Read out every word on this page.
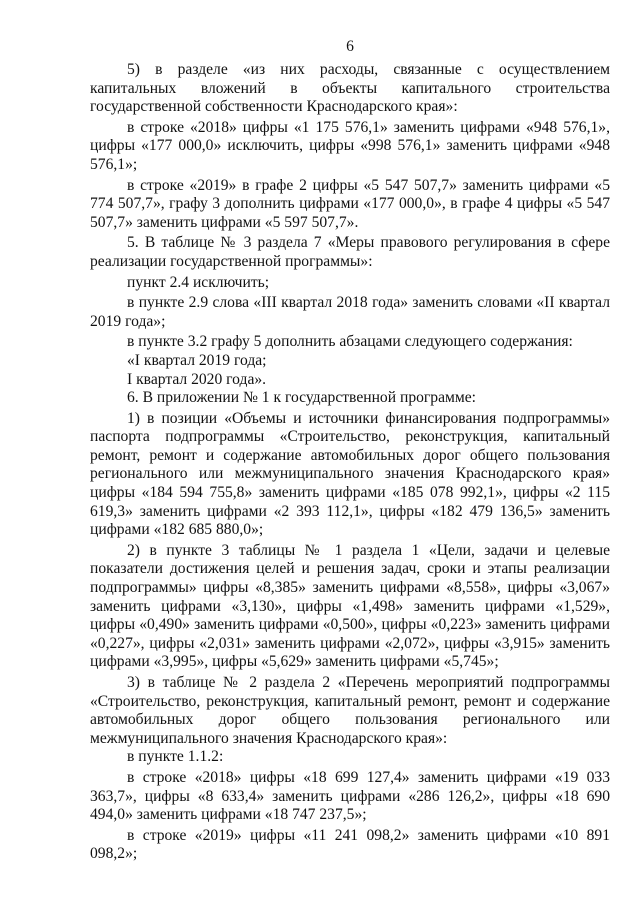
6

5) в разделе «из них расходы, связанные с осуществлением капитальных вложений в объекты капитального строительства государственной собственности Краснодарского края»:

в строке «2018» цифры «1 175 576,1» заменить цифрами «948 576,1», цифры «177 000,0» исключить, цифры «998 576,1» заменить цифрами «948 576,1»;

в строке «2019» в графе 2 цифры «5 547 507,7» заменить цифрами «5 774 507,7», графу 3 дополнить цифрами «177 000,0», в графе 4 цифры «5 547 507,7» заменить цифрами «5 597 507,7».

5. В таблице № 3 раздела 7 «Меры правового регулирования в сфере реализации государственной программы»:

пункт 2.4 исключить;

в пункте 2.9 слова «III квартал 2018 года» заменить словами «II квартал 2019 года»;

в пункте 3.2 графу 5 дополнить абзацами следующего содержания:

«I квартал 2019 года;

I квартал 2020 года».

6. В приложении № 1 к государственной программе:

1) в позиции «Объемы и источники финансирования подпрограммы» паспорта подпрограммы «Строительство, реконструкция, капитальный ремонт, ремонт и содержание автомобильных дорог общего пользования регионального или межмуниципального значения Краснодарского края» цифры «184 594 755,8» заменить цифрами «185 078 992,1», цифры «2 115 619,3» заменить цифрами «2 393 112,1», цифры «182 479 136,5» заменить цифрами «182 685 880,0»;

2) в пункте 3 таблицы № 1 раздела 1 «Цели, задачи и целевые показатели достижения целей и решения задач, сроки и этапы реализации подпрограммы» цифры «8,385» заменить цифрами «8,558», цифры «3,067» заменить цифрами «3,130», цифры «1,498» заменить цифрами «1,529», цифры «0,490» заменить цифрами «0,500», цифры «0,223» заменить цифрами «0,227», цифры «2,031» заменить цифрами «2,072», цифры «3,915» заменить цифрами «3,995», цифры «5,629» заменить цифрами «5,745»;

3) в таблице № 2 раздела 2 «Перечень мероприятий подпрограммы «Строительство, реконструкция, капитальный ремонт, ремонт и содержание автомобильных дорог общего пользования регионального или межмуниципального значения Краснодарского края»:

в пункте 1.1.2:

в строке «2018» цифры «18 699 127,4» заменить цифрами «19 033 363,7», цифры «8 633,4» заменить цифрами «286 126,2», цифры «18 690 494,0» заменить цифрами «18 747 237,5»;

в строке «2019» цифры «11 241 098,2» заменить цифрами «10 891 098,2»;
